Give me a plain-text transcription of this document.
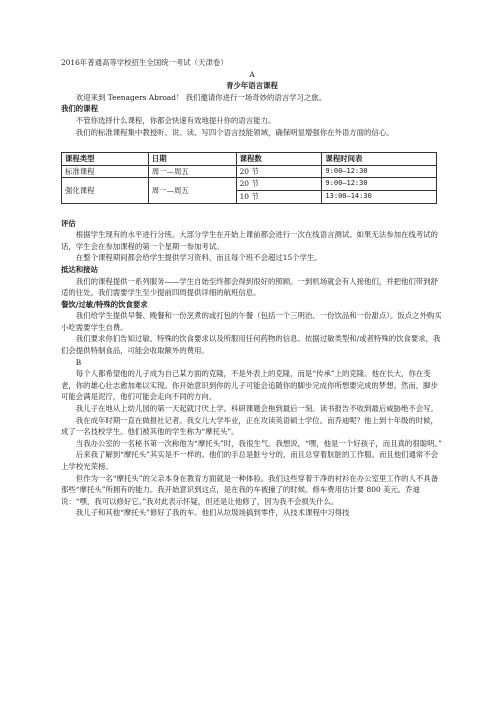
2016年普通高等学校招生全国统一考试（天津卷）

A

青少年语言课程

欢迎来到 Teenagers Abroad！ 我们邀请你进行一场奇妙的语言学习之旅。

我们的课程

不管你选择什么课程，你都会快速有效地提升你的语言能力。

我们的标准课程集中教授听、说、读、写四个语言技能领域，确保明显增强你在外语方面的信心。

课程类型	日期	课程数	课程时间表
标准课程	周一—周五	20 节	9:00—12:30
强化课程	周一—周五	20 节	9:00—12:30
		10 节	13:00—14:30

评估

根据学生现有的水平进行分班。大部分学生在开始上课前都会进行一次在线语言测试。如果无法参加在线考试的话，学生会在参加课程的第一个星期一参加考试。

在整个课程期间都会给学生提供学习资料，而且每个班不会超过15个学生。

抵达和接站

我们的课程提供一系列服务——学生自始至终都会得到很好的照顾。一到机场就会有人接他们，并把他们带到舒适的住处。我们需要学生至少提前四周提供详细的航班信息。

餐饮/过敏/特殊的饮食要求

我们给学生提供早餐、晚餐和一份烹煮的或打包的午餐（包括一个三明治、一份饮品和一份甜点）。饭点之外购买小吃需要学生自费。

我们要求你们告知过敏、特殊的饮食要求以及所服用任何药物的信息。依据过敏类型和/或者特殊的饮食要求，我们会提供特制食品，可能会收取额外的费用。

B

每个人都希望他的儿子成为自己某方面的克隆，不是外表上的克隆，而是“传承”上的克隆。他在长大，你在变老，你的雄心壮志愈加难以实现。你开始意识到你的儿子可能会追随你的脚步完成你所想要完成的梦想。然而，脚步可能会满是泥泞，他们可能会走向不同的方向。

我儿子在地从上幼儿园的第一天起就讨厌上学。科研课题会拖到最后一刻。读书报告不收到最后威胁绝不会写。

我在成年时期一直在做报社记者。我女儿大学毕业，正在攻读英语硕士学位。而乔迪呢？他上到十年级的时候，成了一名技校学生。他们被其他的学生称为“摩托头”。

当我办公室的一名秘书第一次称他为“摩托头”时，我很生气。我想说，“嘿，他是一个好孩子，而且真的很聪明。”

后来我了解到“摩托头”其实是不一样的。他们的手总是脏兮兮的，而且总穿着肮脏的工作服。而且他们通常不会上学校光荣榜。

但作为一名“摩托头”的父亲本身在教育方面就是一种体验。我们这些穿着干净的衬衫在办公室里工作的人不具备那些“摩托头”所拥有的能力。我开始意识到这点，是在我的车被撞了的时候。修车费用估计要 800 美元。乔迪说：“嘿，我可以修好它。”我对此表示怀疑，但还是让他修了，因为我不会损失什么。

我儿子和其他“摩托头”修好了我的车。他们从垃圾场搞到零件，从技术课程中习得技
